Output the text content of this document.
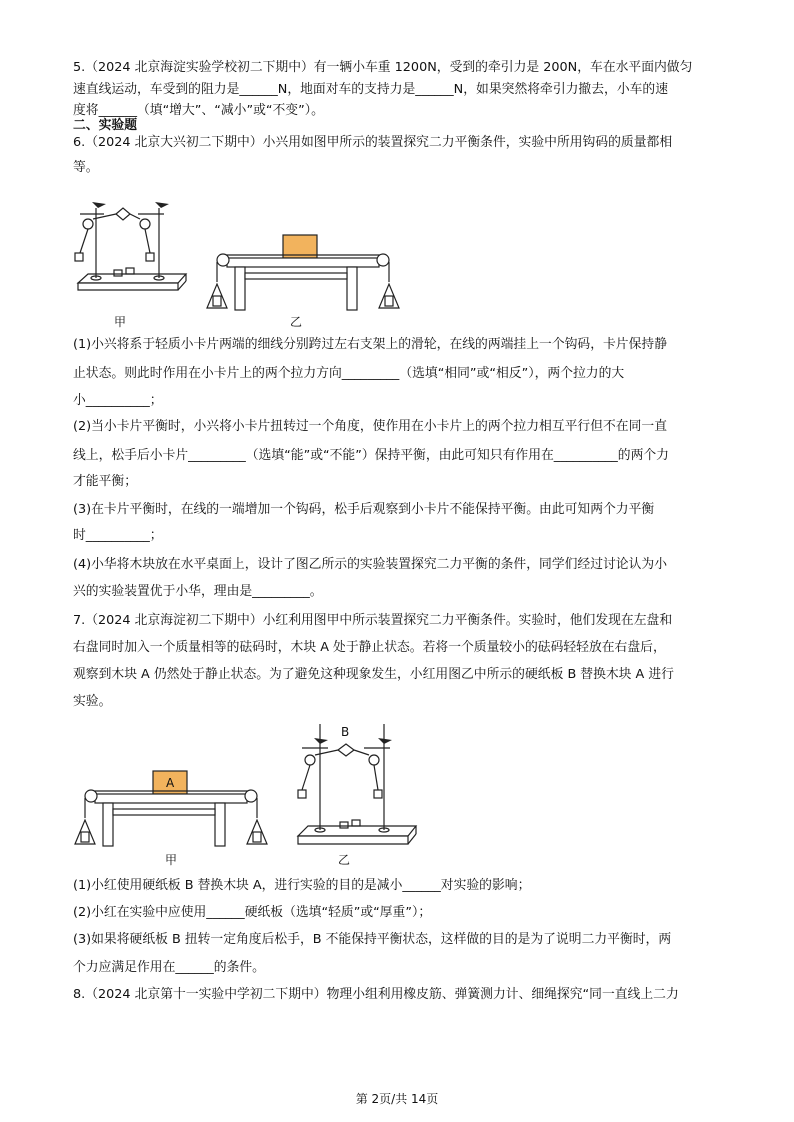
5.（2024 北京海淀实验学校初二下期中）有一辆小车重 1200N，受到的牵引力是 200N，车在水平面内做匀
速直线运动，车受到的阻力是______N，地面对车的支持力是______N，如果突然将牵引力撤去，小车的速
度将______（填“增大”、“减小”或“不变”）。
二、实验题
6.（2024 北京大兴初二下期中）小兴用如图甲所示的装置探究二力平衡条件，实验中所用钩码的质量都相
等。
甲	乙
(1)小兴将系于轻质小卡片两端的细线分别跨过左右支架上的滑轮，在线的两端挂上一个钩码，卡片保持静
止状态。则此时作用在小卡片上的两个拉力方向_________（选填“相同”或“相反”），两个拉力的大
小__________；
(2)当小卡片平衡时，小兴将小卡片扭转过一个角度，使作用在小卡片上的两个拉力相互平行但不在同一直
线上，松手后小卡片_________（选填“能”或“不能”）保持平衡，由此可知只有作用在__________的两个力
才能平衡；
(3)在卡片平衡时，在线的一端增加一个钩码，松手后观察到小卡片不能保持平衡。由此可知两个力平衡
时__________；
(4)小华将木块放在水平桌面上，设计了图乙所示的实验装置探究二力平衡的条件，同学们经过讨论认为小
兴的实验装置优于小华，理由是_________。
7.（2024 北京海淀初二下期中）小红利用图甲中所示装置探究二力平衡条件。实验时，他们发现在左盘和
右盘同时加入一个质量相等的砝码时，木块 A 处于静止状态。若将一个质量较小的砝码轻轻放在右盘后，
观察到木块 A 仍然处于静止状态。为了避免这种现象发生，小红用图乙中所示的硬纸板 B 替换木块 A 进行
实验。
A
甲
B
乙
(1)小红使用硬纸板 B 替换木块 A，进行实验的目的是减小______对实验的影响；
(2)小红在实验中应使用______硬纸板（选填“轻质”或“厚重”）；
(3)如果将硬纸板 B 扭转一定角度后松手，B 不能保持平衡状态，这样做的目的是为了说明二力平衡时，两
个力应满足作用在______的条件。
8.（2024 北京第十一实验中学初二下期中）物理小组利用橡皮筋、弹簧测力计、细绳探究“同一直线上二力
第 2页/共 14页
